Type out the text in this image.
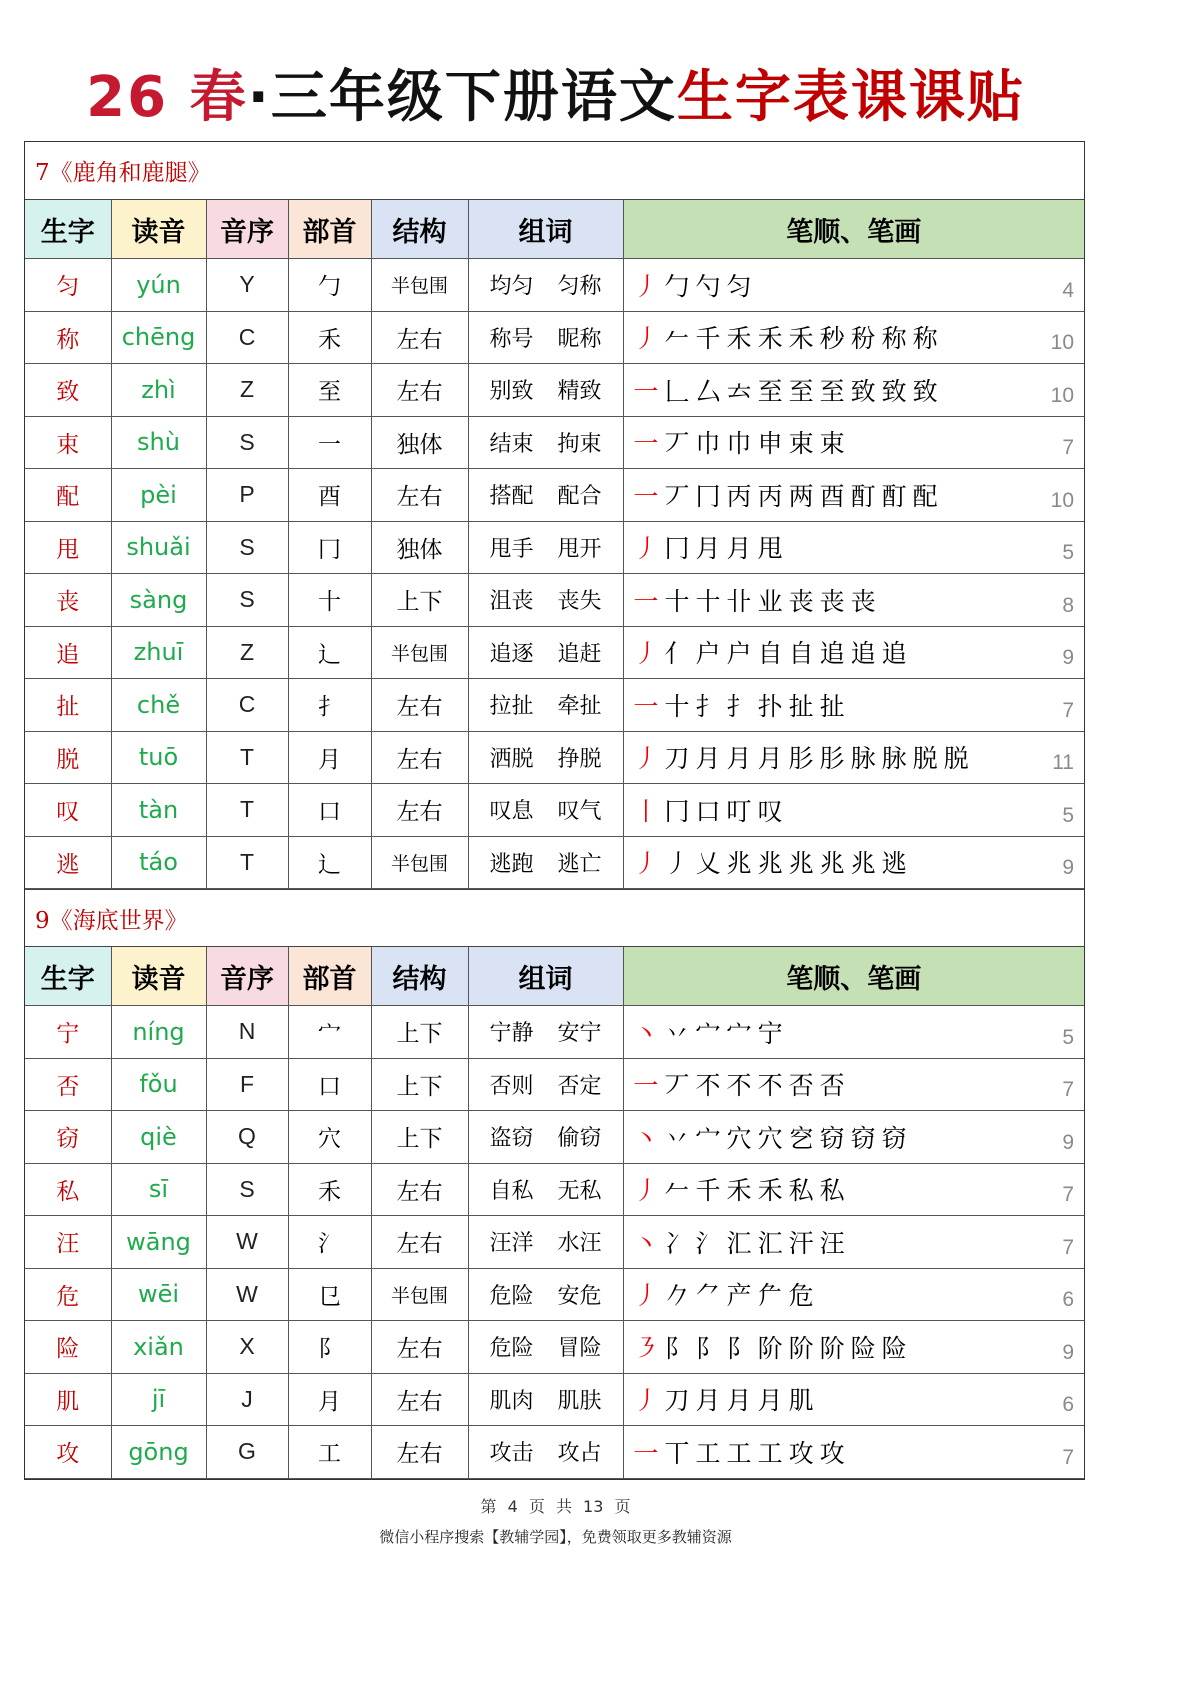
26 春·三年级下册语文生字表课课贴
7《鹿角和鹿腿》
生字	读音	音序	部首	结构	组词	笔顺、笔画
匀	yún	Y	勹	半包围	均匀 匀称	丿 勹 勺 匀 4

称	chēng	C	禾	左右	称号 昵称	丿 𠂉 千 禾 禾 禾 秒 秎 称 称 10

致	zhì	Z	至	左右	别致 精致	一 𠃊 厶 𠫓 至 至 至 致 致 致 10

束	shù	S	一	独体	结束 拘束	一 丆 巾 巾 申 束 束 7

配	pèi	P	酉	左右	搭配 配合	一 丆 冂 丙 丙 两 酉 酊 酊 配 10

甩	shuǎi	S	冂	独体	甩手 甩开	丿 冂 月 月 甩 5

丧	sàng	S	十	上下	沮丧 丧失	一 十 十 卝 业 丧 丧 丧 8

追	zhuī	Z	辶	半包围	追逐 追赶	丿 亻 户 户 自 自 追 追 追 9

扯	chě	C	扌	左右	拉扯 牵扯	一 十 扌 扌 扑 扯 扯 7

脱	tuō	T	月	左右	洒脱 挣脱	丿 刀 月 月 月 肜 肜 脉 脉 脱 脱 11

叹	tàn	T	口	左右	叹息 叹气	丨 冂 口 叮 叹 5

逃	táo	T	辶	半包围	逃跑 逃亡	丿 丿 乂 兆 兆 兆 兆 兆 逃 9
9《海底世界》
生字	读音	音序	部首	结构	组词	笔顺、笔画
宁	níng	N	宀	上下	宁静 安宁	丶 丷 宀 宀 宁 5

否	fǒu	F	口	上下	否则 否定	一 丆 不 不 不 否 否 7

窃	qiè	Q	穴	上下	盗窃 偷窃	丶 丷 宀 穴 穴 穵 窃 窃 窃 9

私	sī	S	禾	左右	自私 无私	丿 𠂉 千 禾 禾 私 私 7

汪	wāng	W	氵	左右	汪洋 水汪	丶 冫 氵 汇 汇 汗 汪 7

危	wēi	W	㔾	半包围	危险 安危	丿 𠂊 ⺈ 产 厃 危 6

险	xiǎn	X	阝	左右	危险 冒险	㇋ 阝 阝 阝 阶 阶 阶 险 险 9

肌	jī	J	月	左右	肌肉 肌肤	丿 刀 月 月 月 肌 6

攻	gōng	G	工	左右	攻击 攻占	一 丅 工 工 工 攻 攻 7
第 4 页 共 13 页
微信小程序搜索【教辅学园】，免费领取更多教辅资源
